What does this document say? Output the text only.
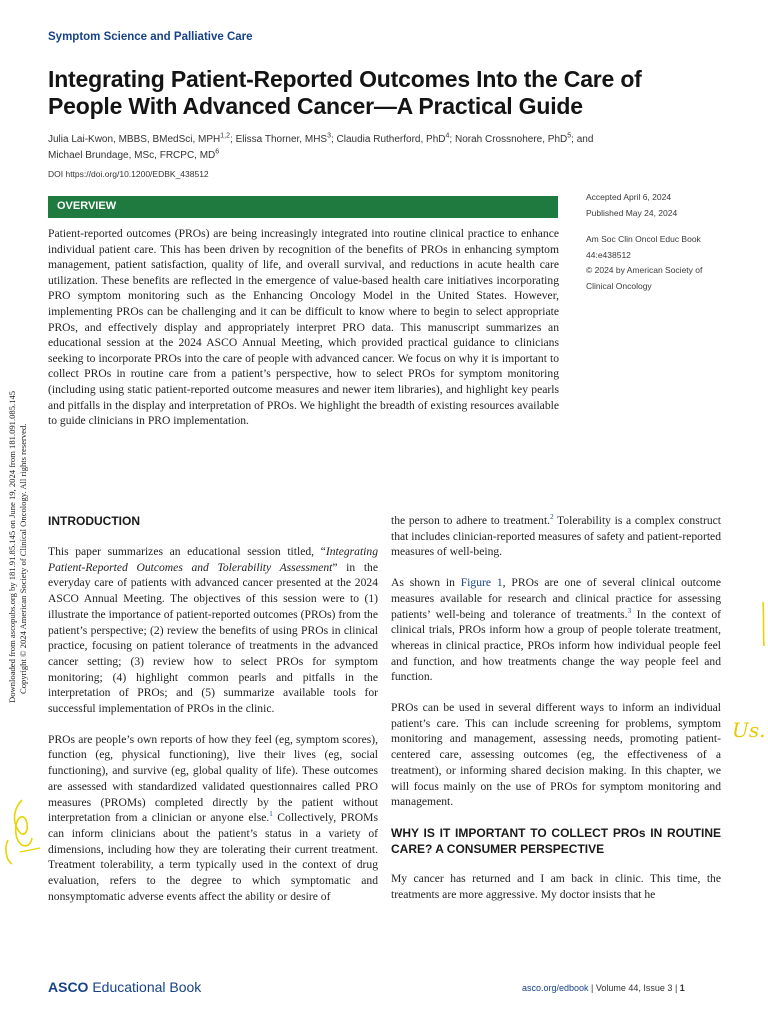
Symptom Science and Palliative Care
Integrating Patient-Reported Outcomes Into the Care of People With Advanced Cancer—A Practical Guide
Julia Lai-Kwon, MBBS, BMedSci, MPH$^{1,2}$; Elissa Thorner, MHS$^3$; Claudia Rutherford, PhD$^4$; Norah Crossnohere, PhD$^5$; and
Michael Brundage, MSc, FRCPC, $MD^6$
DOI https://doi.org/10.1200/EDBK_438512
OVERVIEW
Accepted April 6, 2024
Published May 24, 2024
Am Soc Clin Oncol Educ Book
44:e438512
© 2024 by American Society of
Clinical Oncology

Patient-reported outcomes (PROs) are being increasingly integrated into routine clinical practice to enhance individual patient care. This has been driven by recognition of the benefits of PROs in enhancing symptom management, patient satisfaction, quality of life, and overall survival, and reductions in acute health care utilization. These benefits are reflected in the emergence of value-based health care initiatives incorporating PRO symptom monitoring such as the Enhancing Oncology Model in the United States. However, implementing PROs can be challenging and it can be difficult to know where to begin to select appropriate PROs, and effectively display and appropriately interpret PRO data. This manuscript summarizes an educational session at the 2024 ASCO Annual Meeting, which provided practical guidance to clinicians seeking to incorporate PROs into the care of people with advanced cancer. We focus on why it is important to collect PROs in routine care from a patient’s perspective, how to select PROs for symptom monitoring (including using static patient-reported outcome measures and newer item libraries), and highlight key pearls and pitfalls in the display and interpretation of PROs. We highlight the breadth of existing resources available to guide clinicians in PRO implementation.

Downloaded from ascopubs.org by 181.91.85.145 on June 19, 2024 from 181.091.085.145 Copyright © 2024 American Society of Clinical Oncology. All rights reserved. INTRODUCTION

This paper summarizes an educational session titled, “Integrating Patient-Reported Outcomes and Tolerability Assessment” in the everyday care of patients with advanced cancer presented at the 2024 ASCO Annual Meeting. The objectives of this session were to (1) illustrate the importance of patient-reported outcomes (PROs) from the patient’s perspective; (2) review the benefits of using PROs in clinical practice, focusing on patient tolerance of treatments in the advanced cancer setting; (3) review how to select PROs for symptom monitoring; (4) highlight common pearls and pitfalls in the interpretation of PROs; and (5) summarize available tools for successful implementation of PROs in the clinic.

PROs are people’s own reports of how they feel (eg, symptom scores), function (eg, physical functioning), live their lives (eg, social functioning), and survive (eg, global quality of life). These outcomes are assessed with standardized validated questionnaires called PRO measures (PROMs) completed directly by the patient without interpretation from a clinician or anyone else.$^1$ Collectively, PROMs can inform clinicians about the patient’s status in a variety of dimensions, including how they are tolerating their current treatment. Treatment tolerability, a term typically used in the context of drug evaluation, refers to the degree to which symptomatic and nonsymptomatic adverse events affect the ability or desire of

the person to adhere to treatment.$^2$ Tolerability is a complex construct that includes clinician-reported measures of safety and patient-reported measures of well-being.

As shown in Figure 1, PROs are one of several clinical outcome measures available for research and clinical practice for assessing patients’ well-being and tolerance of treatments.$^3$ In the context of clinical trials, PROs inform how a group of people tolerate treatment, whereas in clinical practice, PROs inform how individual people feel and function, and how treatments change the way people feel and function.

PROs can be used in several different ways to inform an individual patient’s care. This can include screening for problems, symptom monitoring and management, assessing needs, promoting patient-centered care, assessing outcomes (eg, the effectiveness of a treatment), or informing shared decision making. In this chapter, we will focus mainly on the use of PROs for symptom monitoring and management.

WHY IS IT IMPORTANT TO COLLECT PROs IN ROUTINE CARE? A CONSUMER PERSPECTIVE

My cancer has returned and I am back in clinic. This time, the treatments are more aggressive. My doctor insists that he

Us.
ASCO Educational Book	asco.org/edbook | Volume 44, Issue 3 | 1
